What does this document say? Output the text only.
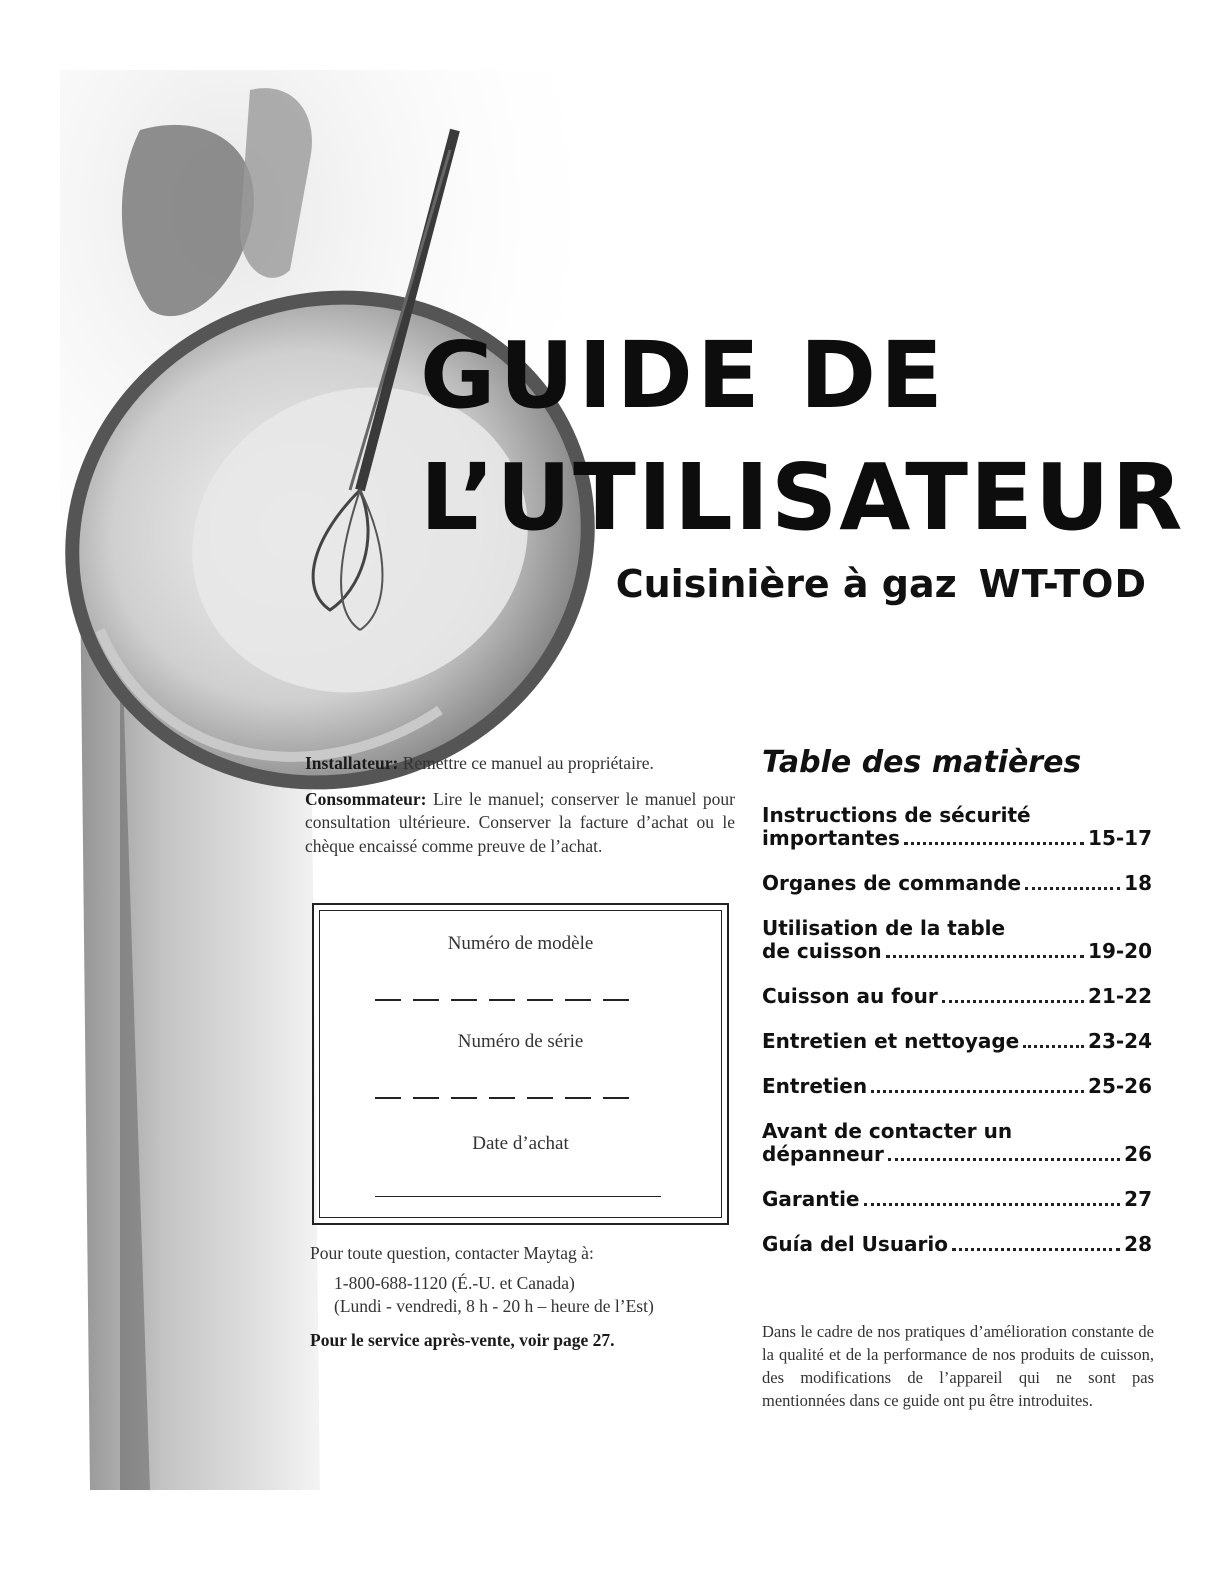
GUIDE DE
L’UTILISATEUR
Cuisinière à gaz WT-TOD

Installateur: Remettre ce manuel au propriétaire.

Consommateur: Lire le manuel; conserver le manuel pour consultation ultérieure. Conserver la facture d’achat ou le chèque encaissé comme preuve de l’achat.

Numéro de modèle
Numéro de série
Date d’achat
Pour toute question, contacter Maytag à:
1-800-688-1120 (É.-U. et Canada)
(Lundi - vendredi, 8 h - 20 h – heure de l’Est)
Pour le service après-vente, voir page 27.
Table des matières
Instructions de sécurité
importantes	15-17
Organes de commande	18
Utilisation de la table
de cuisson	19-20
Cuisson au four	21-22
Entretien et nettoyage	23-24
Entretien	25-26
Avant de contacter un
dépanneur	26
Garantie	27
Guía del Usuario	28
Dans le cadre de nos pratiques d’amélioration constante de la qualité et de la performance de nos produits de cuisson, des modifications de l’appareil qui ne sont pas mentionnées dans ce guide ont pu être introduites.
